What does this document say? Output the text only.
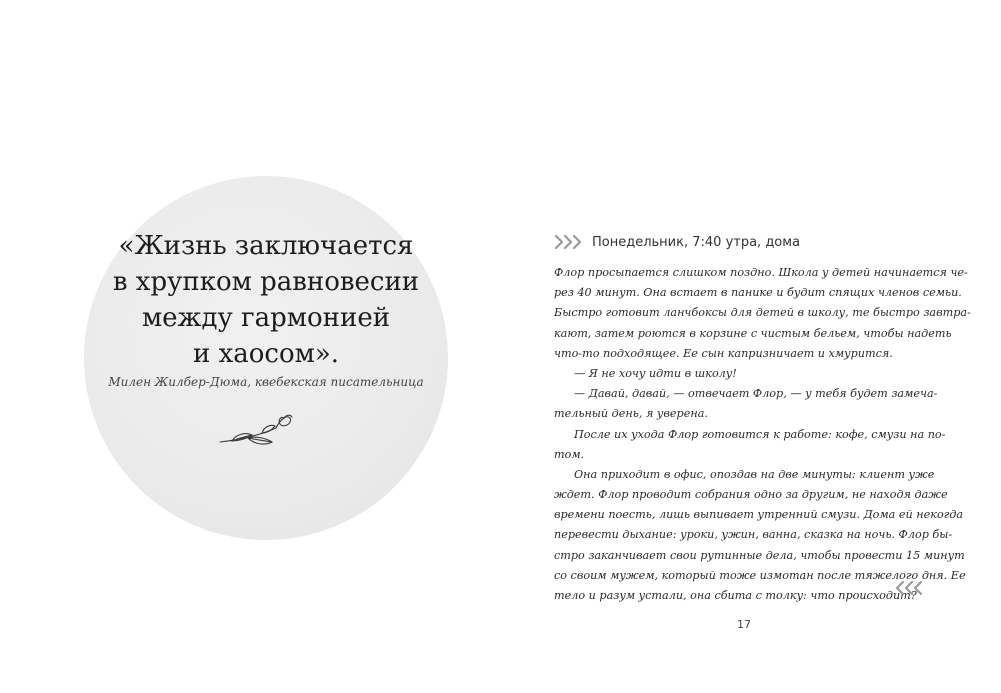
«Жизнь заключается
в хрупком равновесии
между гармонией
и хаосом».

Милен Жилбер-Дюма, квебекская писательница
Понедельник, 7:40 утра, дома
Флор просыпается слишком поздно. Школа у детей начинается че-
рез 40 минут. Она встает в панике и будит спящих членов семьи.
Быстро готовит ланчбоксы для детей в школу, те быстро завтра-
кают, затем роются в корзине с чистым бельем, чтобы надеть
что-то подходящее. Ее сын капризничает и хмурится.
— Я не хочу идти в школу!
— Давай, давай, — отвечает Флор, — у тебя будет замеча-
тельный день, я уверена.
После их ухода Флор готовится к работе: кофе, смузи на по-
том.
Она приходит в офис, опоздав на две минуты: клиент уже
ждет. Флор проводит собрания одно за другим, не находя даже
времени поесть, лишь выпивает утренний смузи. Дома ей некогда
перевести дыхание: уроки, ужин, ванна, сказка на ночь. Флор бы-
стро заканчивает свои рутинные дела, чтобы провести 15 минут
со своим мужем, который тоже измотан после тяжелого дня. Ее
тело и разум устали, она сбита с толку: что происходит?
17
